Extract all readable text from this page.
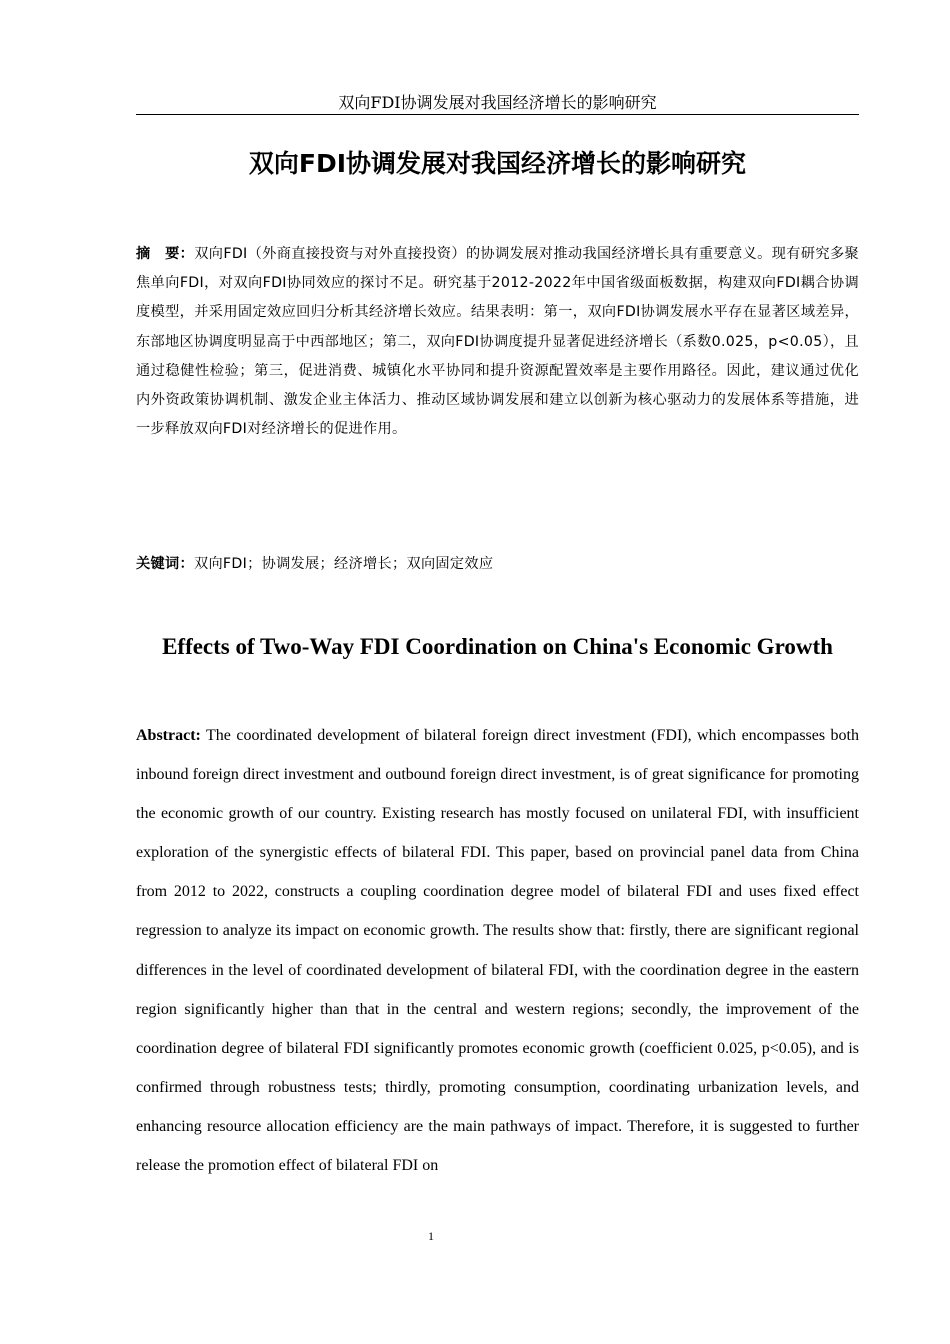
双向FDI协调发展对我国经济增长的影响研究
双向FDI协调发展对我国经济增长的影响研究
摘　要：双向FDI（外商直接投资与对外直接投资）的协调发展对推动我国经济增长具有重要意义。现有研究多聚焦单向FDI，对双向FDI协同效应的探讨不足。研究基于2012-2022年中国省级面板数据，构建双向FDI耦合协调度模型，并采用固定效应回归分析其经济增长效应。结果表明：第一，双向FDI协调发展水平存在显著区域差异，东部地区协调度明显高于中西部地区；第二，双向FDI协调度提升显著促进经济增长（系数0.025，p<0.05），且通过稳健性检验；第三，促进消费、城镇化水平协同和提升资源配置效率是主要作用路径。因此，建议通过优化内外资政策协调机制、激发企业主体活力、推动区域协调发展和建立以创新为核心驱动力的发展体系等措施，进一步释放双向FDI对经济增长的促进作用。
关键词：双向FDI；协调发展；经济增长；双向固定效应
Effects of Two-Way FDI Coordination on China's Economic Growth
Abstract: The coordinated development of bilateral foreign direct investment (FDI), which encompasses both inbound foreign direct investment and outbound foreign direct investment, is of great significance for promoting the economic growth of our country. Existing research has mostly focused on unilateral FDI, with insufficient exploration of the synergistic effects of bilateral FDI. This paper, based on provincial panel data from China from 2012 to 2022, constructs a coupling coordination degree model of bilateral FDI and uses fixed effect regression to analyze its impact on economic growth. The results show that: firstly, there are significant regional differences in the level of coordinated development of bilateral FDI, with the coordination degree in the eastern region significantly higher than that in the central and western regions; secondly, the improvement of the coordination degree of bilateral FDI significantly promotes economic growth (coefficient 0.025, p<0.05), and is confirmed through robustness tests; thirdly, promoting consumption, coordinating urbanization levels, and enhancing resource allocation efficiency are the main pathways of impact. Therefore, it is suggested to further release the promotion effect of bilateral FDI on
1
